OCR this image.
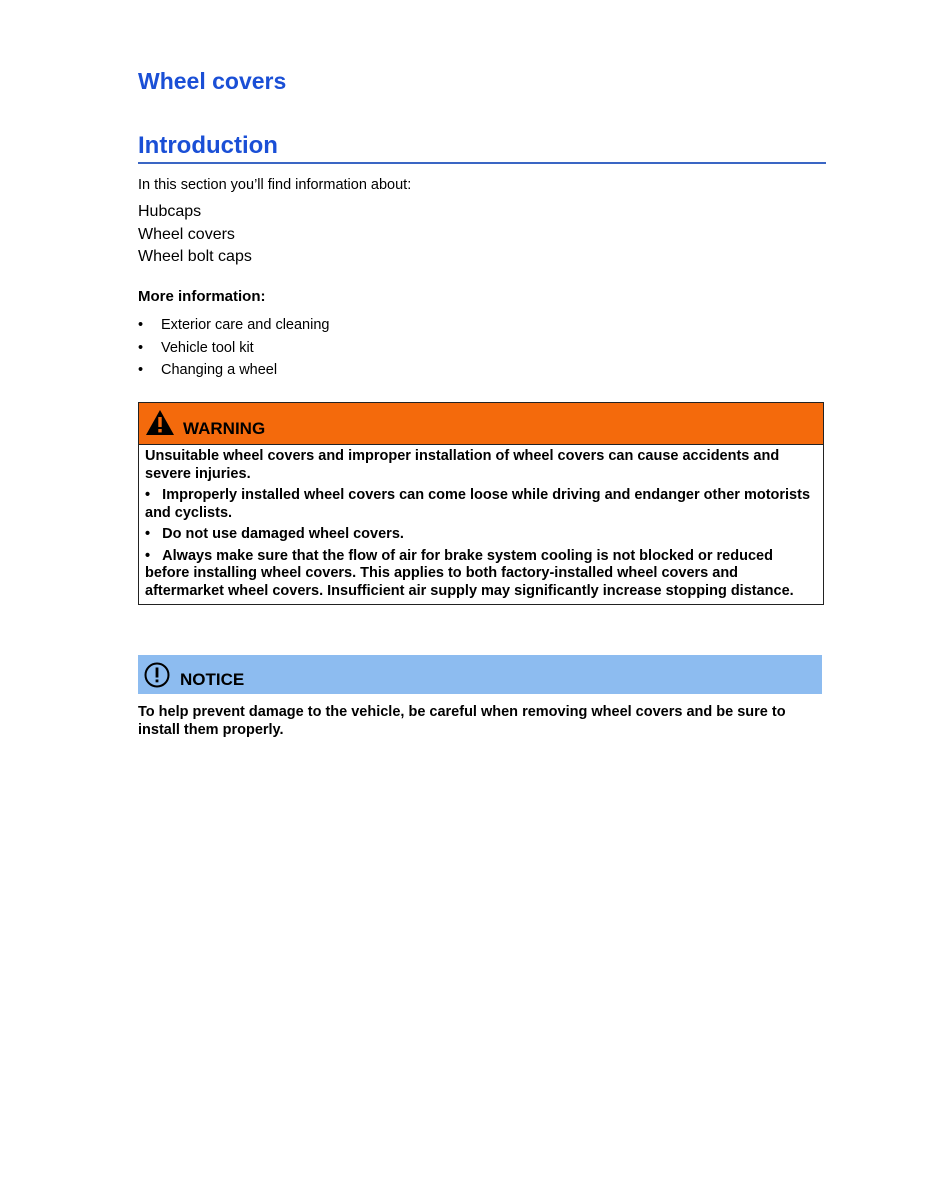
Wheel covers
Introduction
In this section you’ll find information about:
Hubcaps
Wheel covers
Wheel bolt caps
More information:
• Exterior care and cleaning
• Vehicle tool kit
• Changing a wheel
WARNING

Unsuitable wheel covers and improper installation of wheel covers can cause accidents and severe injuries.

• Improperly installed wheel covers can come loose while driving and endanger other motorists and cyclists.

• Do not use damaged wheel covers.

• Always make sure that the flow of air for brake system cooling is not blocked or reduced before installing wheel covers. This applies to both factory-installed wheel covers and aftermarket wheel covers. Insufficient air supply may significantly increase stopping distance.

NOTICE
To help prevent damage to the vehicle, be careful when removing wheel covers and be sure to install them properly.
